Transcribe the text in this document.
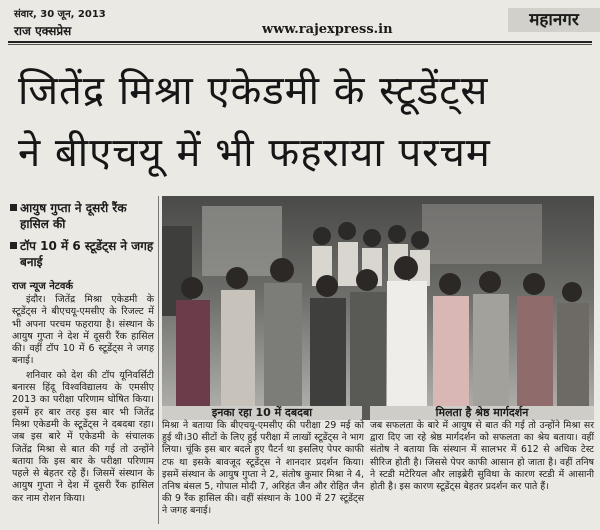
संवार, 30 जून, 2013
राज एक्सप्रेस	www.rajexpress.in	महानगर
जितेंद्र मिश्रा एकेडमी के स्टूडेंट्स
ने बीएचयू में भी फहराया परचम
आयुष गुप्ता ने दूसरी रैंक हासिल की
टॉप 10 में 6 स्टूडेंट्स ने जगह बनाई
राज न्यूज नेटवर्क

इंदौर। जितेंद्र मिश्रा एकेडमी के स्टूडेंट्स ने बीएचयू-एमसीए के रिजल्ट में भी अपना परचम फहराया है। संस्थान के आयुष गुप्ता ने देश में दूसरी रैंक हासिल की। वहीं टॉप 10 में 6 स्टूडेंट्स ने जगह बनाई।

शनिवार को देश की टॉप यूनिवर्सिटी बनारस हिंदू विश्वविद्यालय के एमसीए 2013 का परीक्षा परिणाम घोषित किया। इसमें हर बार तरह इस बार भी जितेंद्र मिश्रा एकेडमी के स्टूडेंट्स ने दबदबा रहा। जब इस बारे में एकेडमी के संचालक जितेंद्र मिश्रा से बात की गई तो उन्होंने बताया कि इस बार के परीक्षा परिणाम पहले से बेहतर रहे हैं। जिसमें संस्थान के आयुष गुप्ता ने देश में दूसरी रैंक हासिल कर नाम रोशन किया।

इनका रहा 10 में दबदबा	मिलता है श्रेष्ठ मार्गदर्शन
मिश्रा ने बताया कि बीएचयू-एमसीए की परीक्षा 29 मई को हुई थी।30 सीटों के लिए हुई परीक्षा में लाखों स्टूडेंट्स ने भाग लिया। चूंकि इस बार बदले हुए पैटर्न था इसलिए पेपर काफी टफ था इसके बावजूद स्टूडेंट्स ने शानदार प्रदर्शन किया। इसमें संस्थान के आयुष गुप्ता ने 2, संतोष कुमार मिश्रा ने 4, तनिष बंसल 5, गोपाल मोदी 7, अरिहंत जैन और रोहित जैन की 9 रैंक हासिल की। वहीं संस्थान के 100 में 27 स्टूडेंट्स ने जगह बनाई।
जब सफलता के बारे में आयुष से बात की गई तो उन्होंने मिश्रा सर द्वारा दिए जा रहे श्रेष्ठ मार्गदर्शन को सफलता का श्रेय बताया। वहीं संतोष ने बताया कि संस्थान में सालभर में 612 से अधिक टेस्ट सीरिज होती है। जिससे पेपर काफी आसान हो जाता है। वहीं तनिष ने स्टडी मटेरियल और लाइब्रेरी सुविधा के कारण स्टडी में आसानी होती है। इस कारण स्टूडेंट्स बेहतर प्रदर्शन कर पाते हैं।
